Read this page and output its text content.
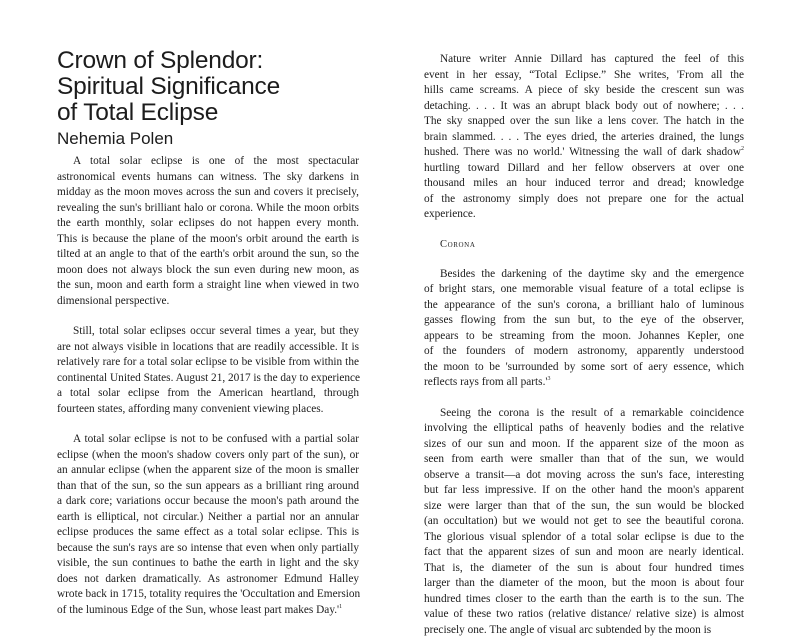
Crown of Splendor:
Spiritual Significance
of Total Eclipse
Nehemia Polen

A total solar eclipse is one of the most spectacular
astronomical events humans can witness. The sky darkens in
midday as the moon moves across the sun and covers it precisely,
revealing the sun's brilliant halo or corona. While the moon orbits
the earth monthly, solar eclipses do not happen every month.
This is because the plane of the moon's orbit around the earth is
tilted at an angle to that of the earth's orbit around the sun, so the
moon does not always block the sun even during new moon, as
the sun, moon and earth form a straight line when viewed in two
dimensional perspective.

Still, total solar eclipses occur several times a year, but they
are not always visible in locations that are readily accessible. It is
relatively rare for a total solar eclipse to be visible from within the
continental United States. August 21, 2017 is the day to experience
a total solar eclipse from the American heartland, through
fourteen states, affording many convenient viewing places.

A total solar eclipse is not to be confused with a partial solar
eclipse (when the moon's shadow covers only part of the sun), or
an annular eclipse (when the apparent size of the moon is smaller
than that of the sun, so the sun appears as a brilliant ring around
a dark core; variations occur because the moon's path around the
earth is elliptical, not circular.) Neither a partial nor an annular
eclipse produces the same effect as a total solar eclipse. This is
because the sun's rays are so intense that even when only partially
visible, the sun continues to bathe the earth in light and the sky
does not darken dramatically. As astronomer Edmund Halley
wrote back in 1715, totality requires the 'Occultation and Emersion
of the luminous Edge of the Sun, whose least part makes $Day.'^1$

Nature writer Annie Dillard has captured the feel of this
event in her essay, “Total Eclipse.” She writes, 'From all the
hills came screams. A piece of sky beside the crescent sun was
detaching. . . . It was an abrupt black body out of nowhere; . . .
The sky snapped over the sun like a lens cover. The hatch in the
brain slammed. . . . The eyes dried, the arteries drained, the lungs
hushed. There was no world.' Witnessing the wall of dark shadow$^2$
hurtling toward Dillard and her fellow observers at over one
thousand miles an hour induced terror and dread; knowledge
of the astronomy simply does not prepare one for the actual
experience.

Corona

Besides the darkening of the daytime sky and the emergence
of bright stars, one memorable visual feature of a total eclipse is
the appearance of the sun's corona, a brilliant halo of luminous
gasses flowing from the sun but, to the eye of the observer,
appears to be streaming from the moon. Johannes Kepler, one
of the founders of modern astronomy, apparently understood
the moon to be 'surrounded by some sort of aery essence, which
reflects rays from all $parts.'^3$

Seeing the corona is the result of a remarkable coincidence
involving the elliptical paths of heavenly bodies and the relative
sizes of our sun and moon. If the apparent size of the moon as
seen from earth were smaller than that of the sun, we would
observe a transit—a dot moving across the sun's face, interesting
but far less impressive. If on the other hand the moon's apparent
size were larger than that of the sun, the sun would be blocked
(an occultation) but we would not get to see the beautiful corona.
The glorious visual splendor of a total solar eclipse is due to the
fact that the apparent sizes of sun and moon are nearly identical.
That is, the diameter of the sun is about four hundred times
larger than the diameter of the moon, but the moon is about four
hundred times closer to the earth than the earth is to the sun. The
value of these two ratios (relative distance/ relative size) is almost
precisely one. The angle of visual arc subtended by the moon is
